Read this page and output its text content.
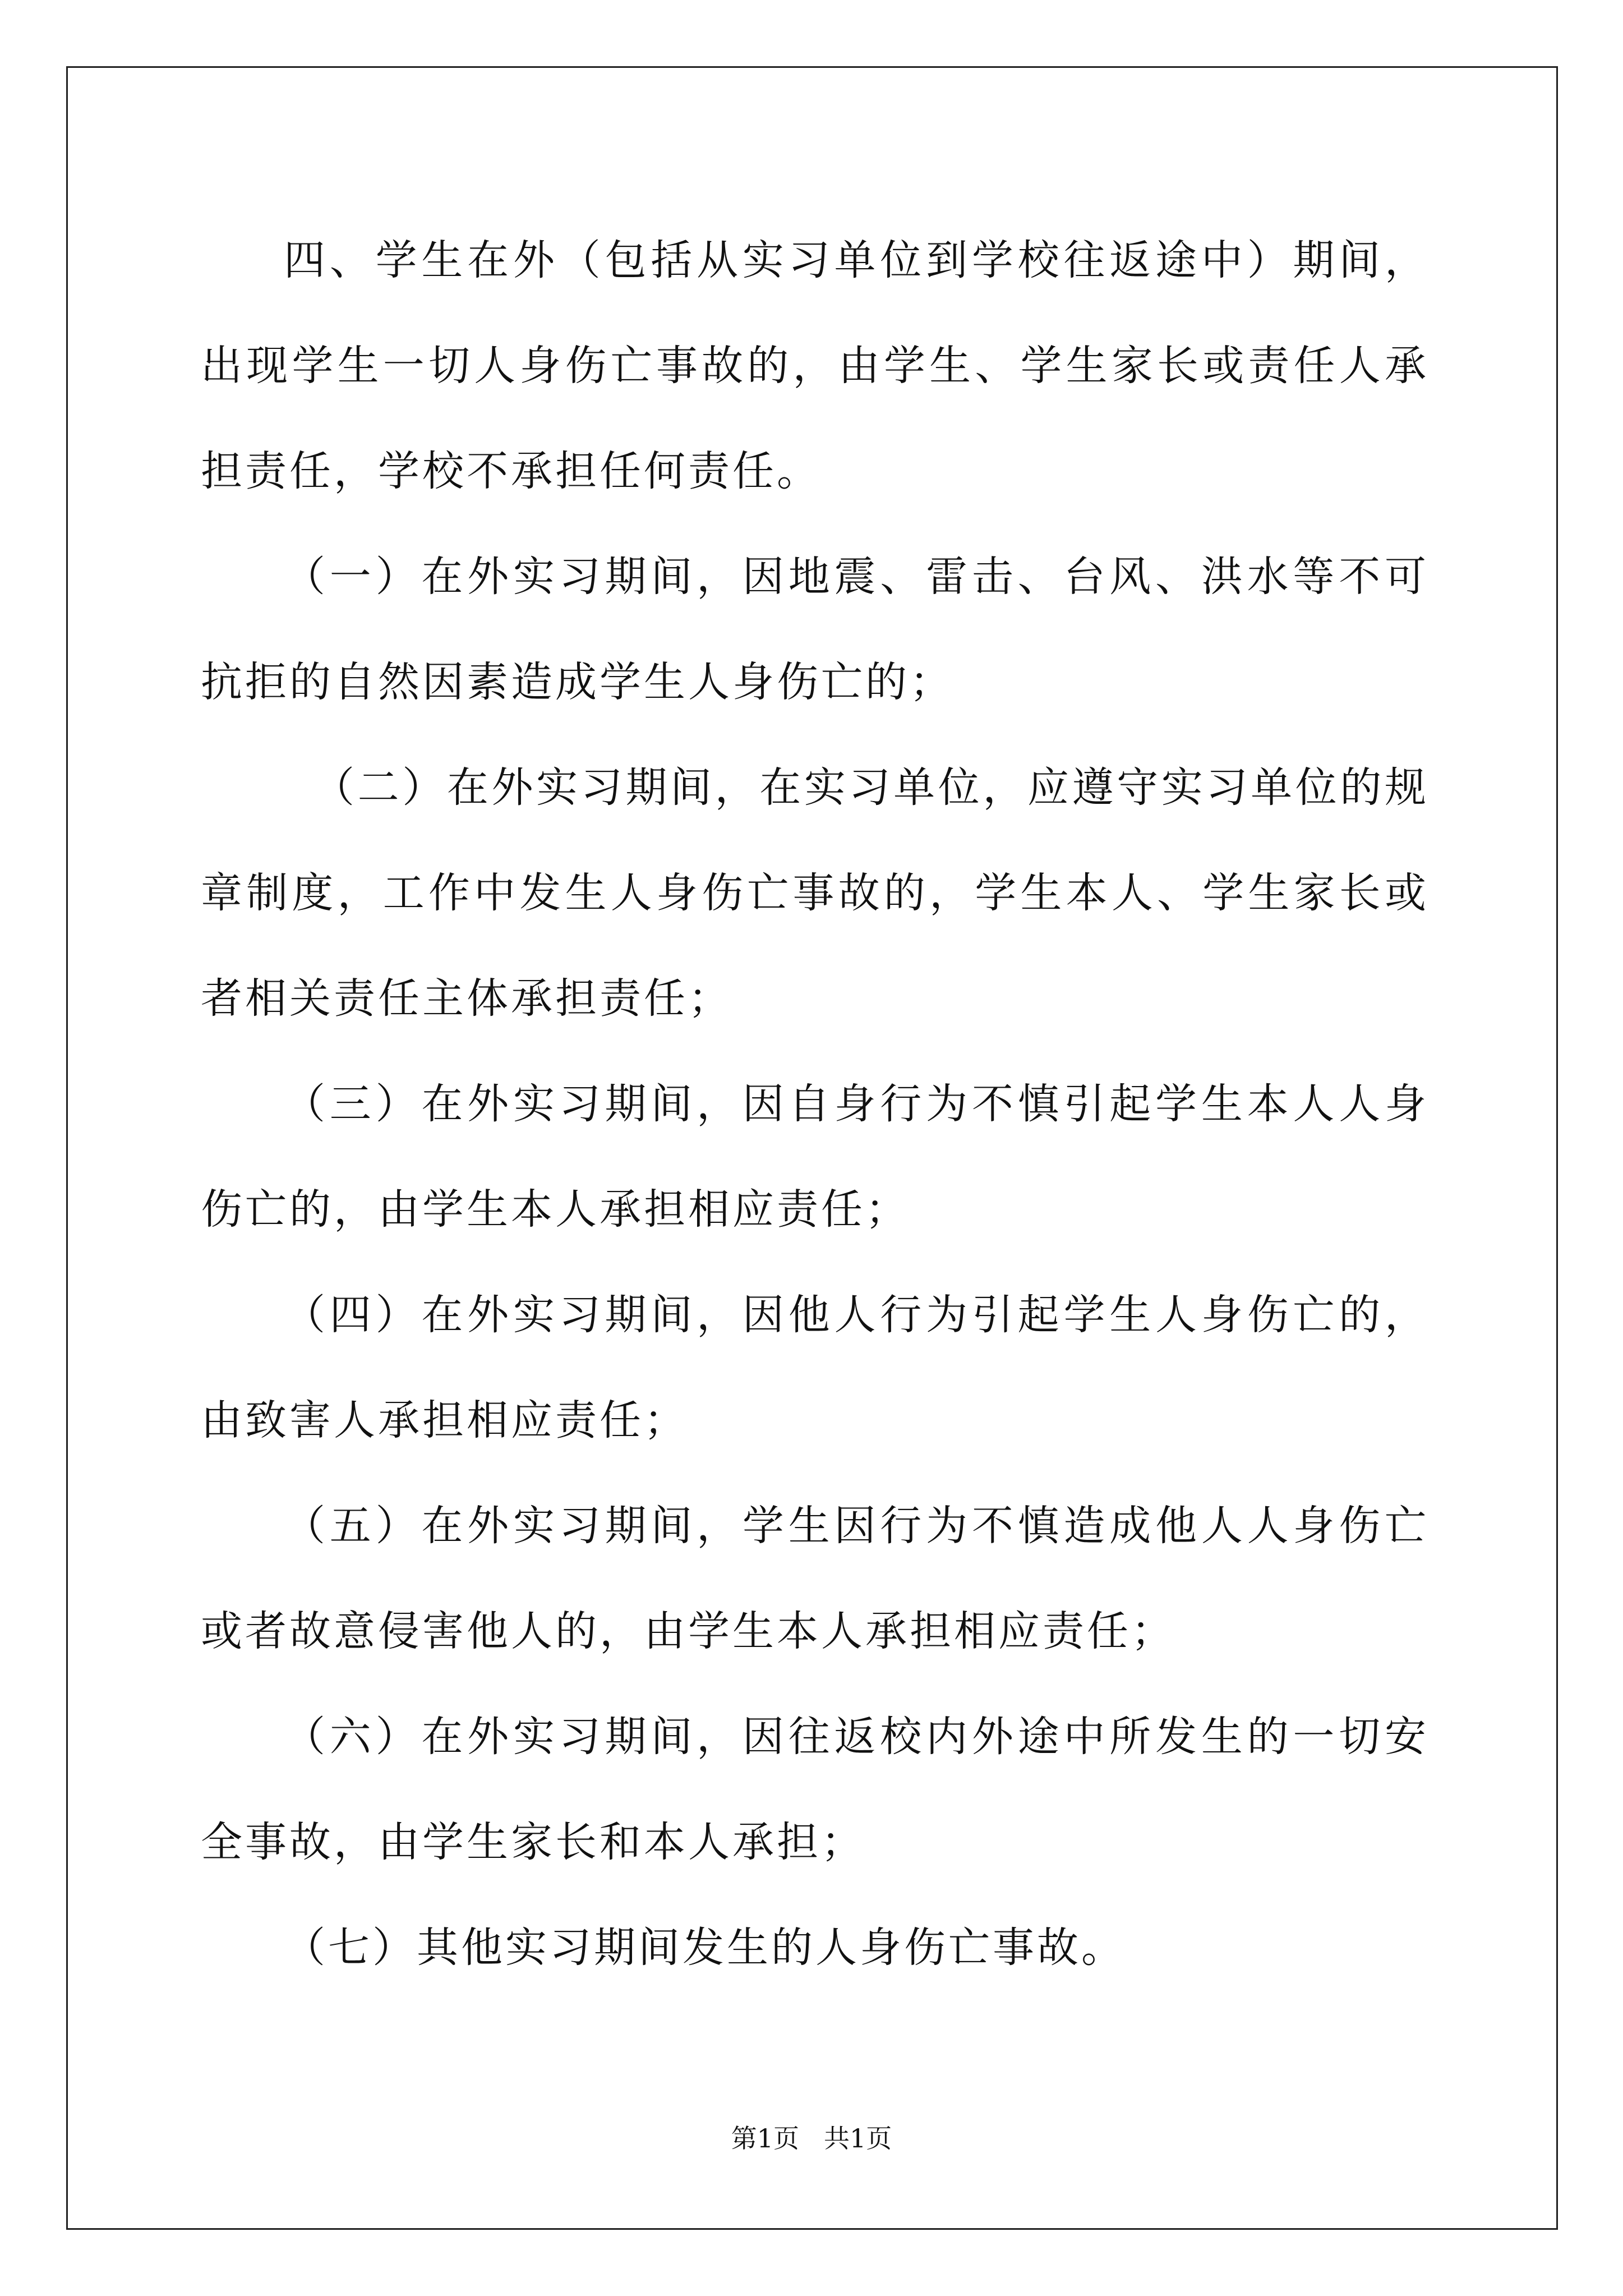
四、学生在外（包括从实习单位到学校往返途中）期间，出现学生一切人身伤亡事故的，由学生、学生家长或责任人承担责任，学校不承担任何责任。

（一）在外实习期间，因地震、雷击、台风、洪水等不可抗拒的自然因素造成学生人身伤亡的；

（二）在外实习期间，在实习单位，应遵守实习单位的规章制度，工作中发生人身伤亡事故的，学生本人、学生家长或者相关责任主体承担责任；

（三）在外实习期间，因自身行为不慎引起学生本人人身伤亡的，由学生本人承担相应责任；

（四）在外实习期间，因他人行为引起学生人身伤亡的，由致害人承担相应责任；

（五）在外实习期间，学生因行为不慎造成他人人身伤亡或者故意侵害他人的，由学生本人承担相应责任；

（六）在外实习期间，因往返校内外途中所发生的一切安全事故，由学生家长和本人承担；

（七）其他实习期间发生的人身伤亡事故。

第1页 共1页
